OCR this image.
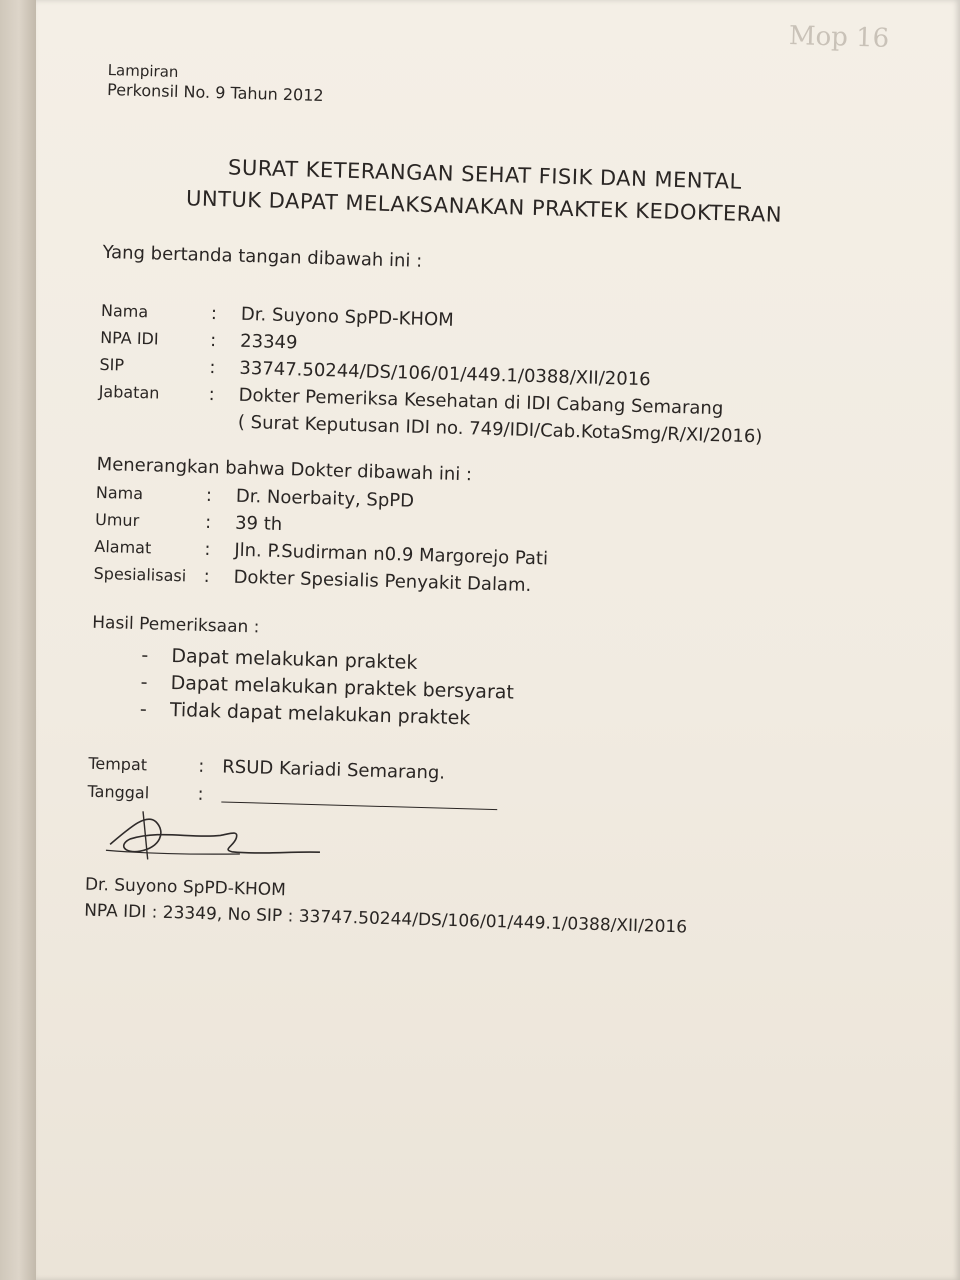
Mop 16
Lampiran
Perkonsil No. 9 Tahun 2012
SURAT KETERANGAN SEHAT FISIK DAN MENTAL
UNTUK DAPAT MELAKSANAKAN PRAKTEK KEDOKTERAN
Yang bertanda tangan dibawah ini :
Nama	:	Dr. Suyono SpPD-KHOM
NPA IDI	:	23349
SIP	:	33747.50244/DS/106/01/449.1/0388/XII/2016
Jabatan	:	Dokter Pemeriksa Kesehatan di IDI Cabang Semarang
( Surat Keputusan IDI no. 749/IDI/Cab.KotaSmg/R/XI/2016)
Menerangkan bahwa Dokter dibawah ini :
Nama	:	Dr. Noerbaity, SpPD
Umur	:	39 th
Alamat	:	Jln. P.Sudirman n0.9 Margorejo Pati
Spesialisasi :	Dokter Spesialis Penyakit Dalam.
Hasil Pemeriksaan :
-	Dapat melakukan praktek
-	Dapat melakukan praktek bersyarat
-	Tidak dapat melakukan praktek
Tempat	: RSUD Kariadi Semarang.
Tanggal	:
Dr. Suyono SpPD-KHOM
NPA IDI : 23349, No SIP : 33747.50244/DS/106/01/449.1/0388/XII/2016
